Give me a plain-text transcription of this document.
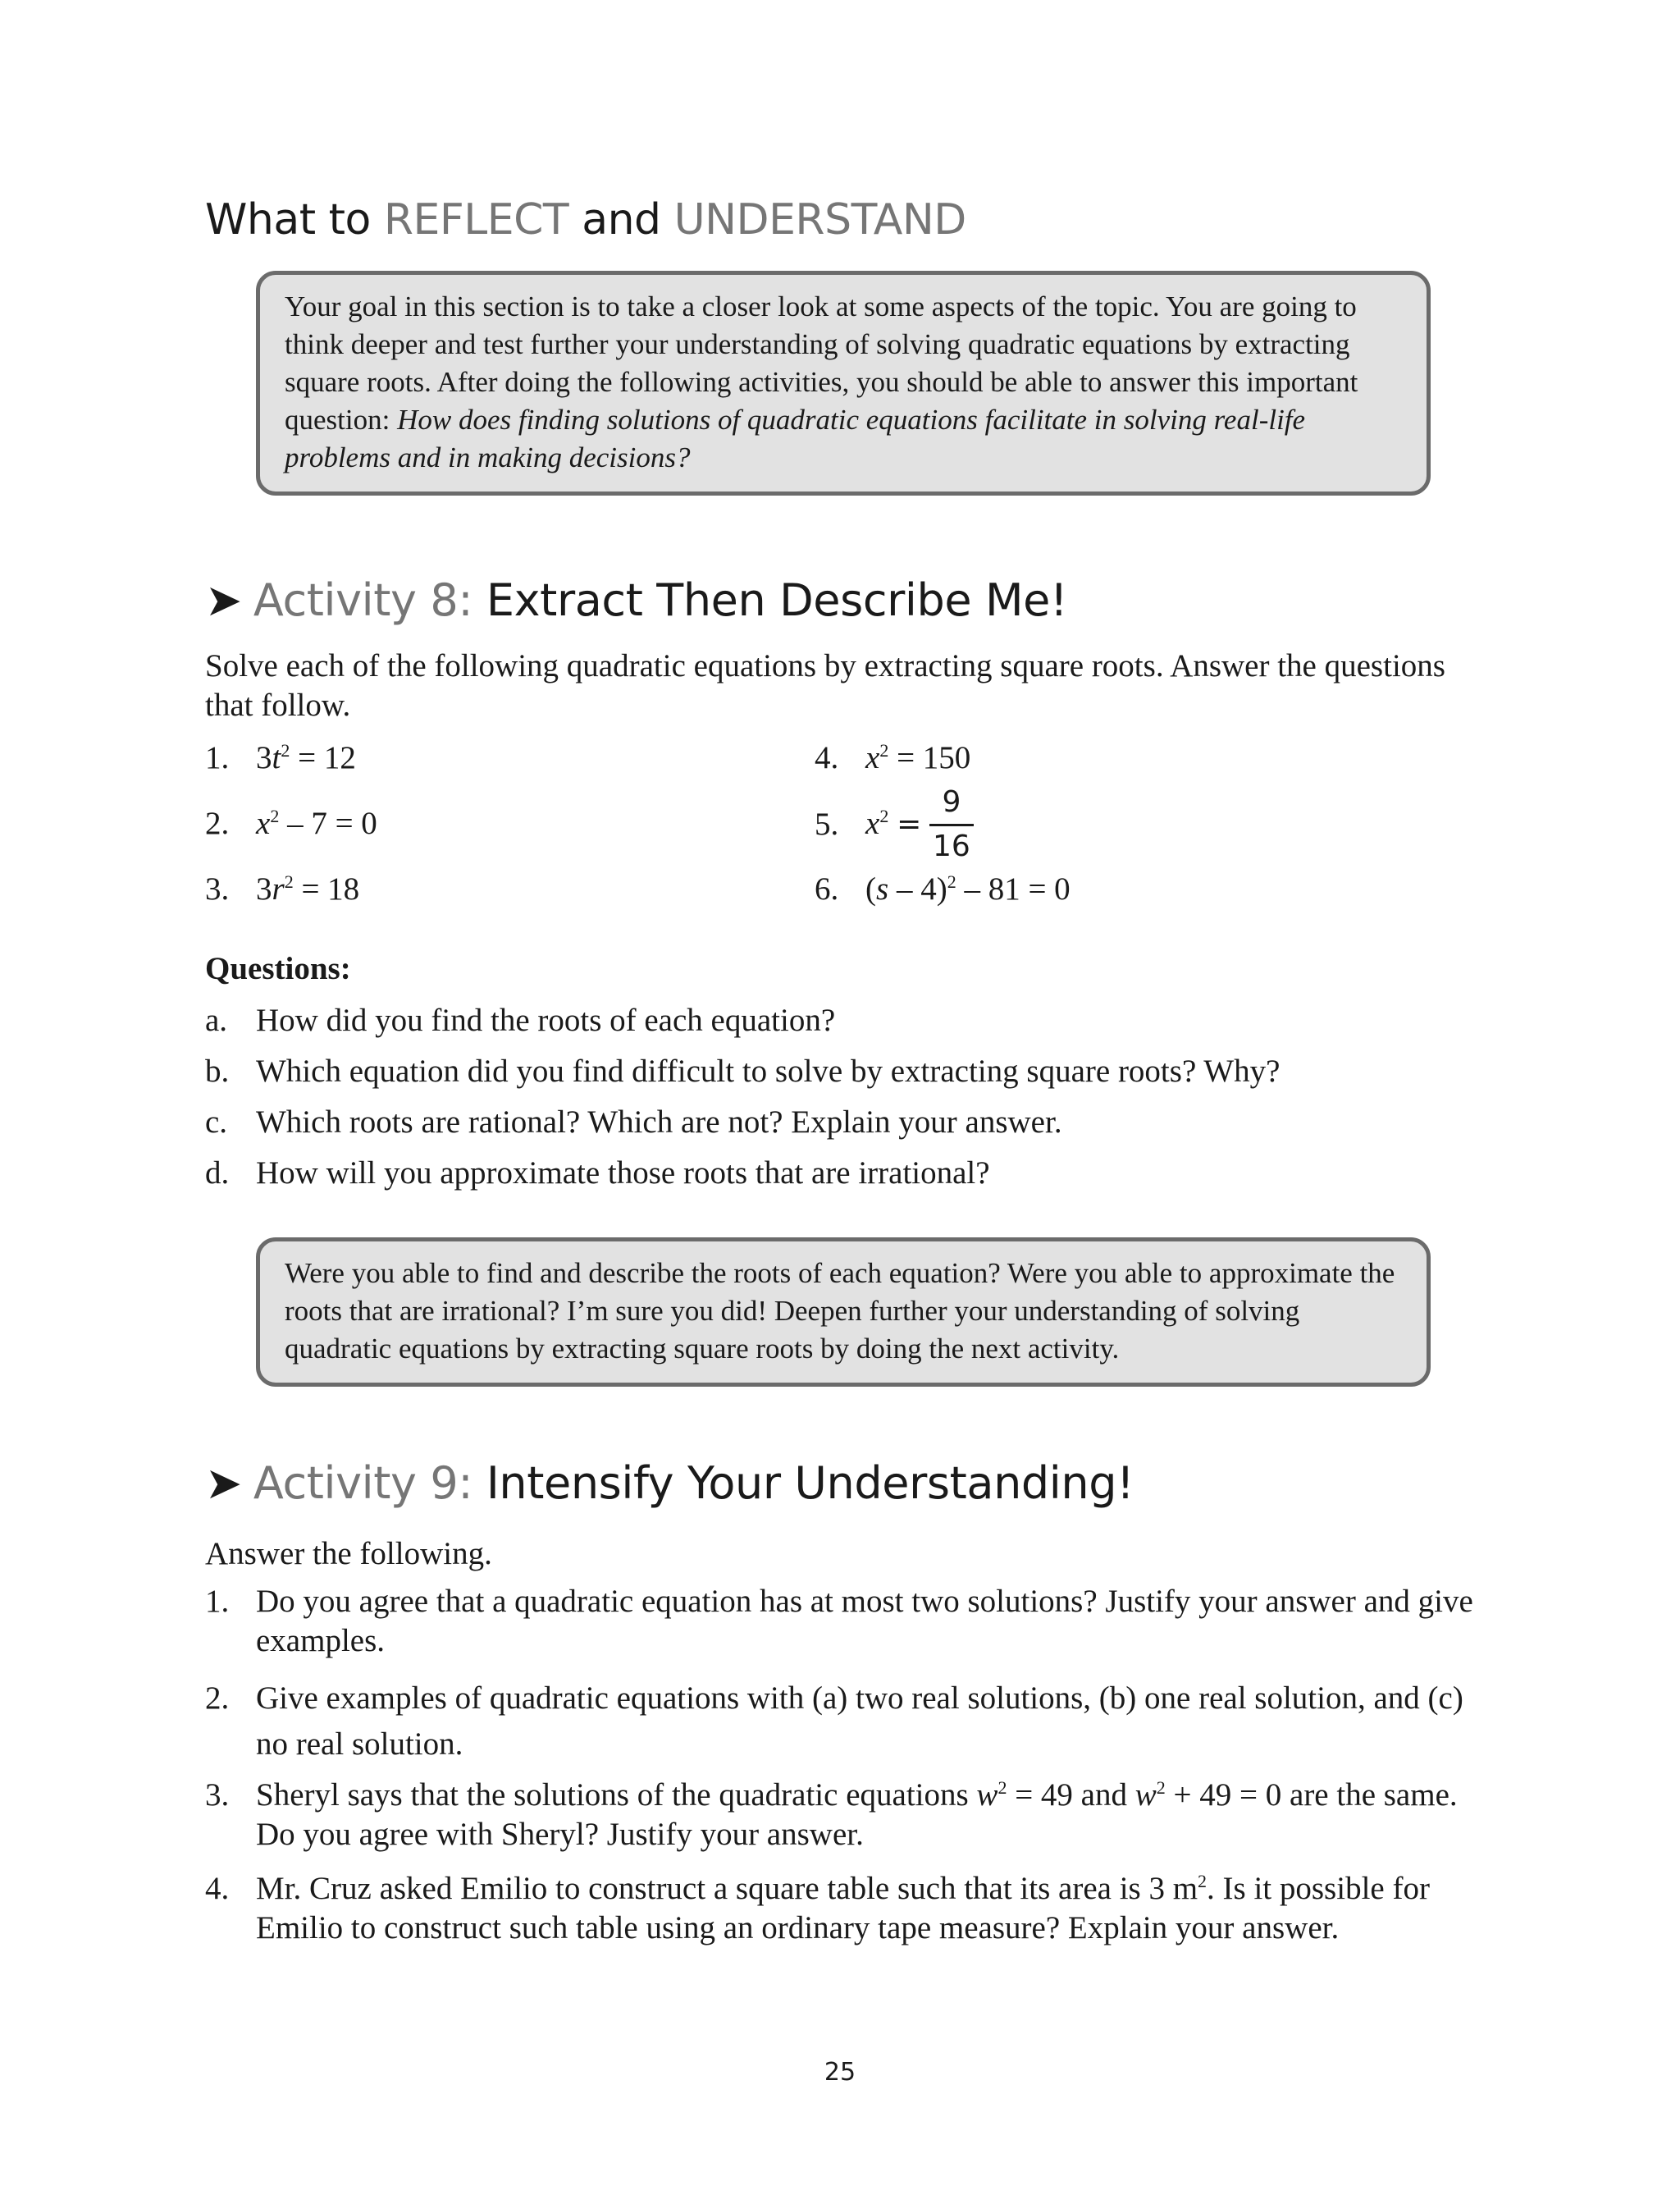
What to REFLECT and UNDERSTAND
Your goal in this section is to take a closer look at some aspects of the topic. You are going to think deeper and test further your understanding of solving quadratic equations by extracting square roots. After doing the following activities, you should be able to answer this important question: How does finding solutions of quadratic equations facilitate in solving real-life problems and in making decisions?
➤ Activity 8: Extract Then Describe Me!

Solve each of the following quadratic equations by extracting square roots. Answer the questions that follow.

1. $3t^2 = 12$
2. $x^2 - 7 = 0$
3. $3r^2 = 18$
4. $x^2 = 150$
5. $x^2 = \frac{9}{16}$
6. (s – 4)$^2$ – 81 = 0

Questions:

a. How did you find the roots of each equation?
b. Which equation did you find difficult to solve by extracting square roots? Why?
c. Which roots are rational? Which are not? Explain your answer.
d. How will you approximate those roots that are irrational?
Were you able to find and describe the roots of each equation? Were you able to approximate the roots that are irrational? I’m sure you did! Deepen further your understanding of solving quadratic equations by extracting square roots by doing the next activity.
➤ Activity 9: Intensify Your Understanding!

Answer the following.

1. Do you agree that a quadratic equation has at most two solutions? Justify your answer and give examples.
2. Give examples of quadratic equations with (a) two real solutions, (b) one real solution, and (c) no real solution.
3. Sheryl says that the solutions of the quadratic equations $w^2 = 49$ and $w^2 + 49 = 0$ are the same. Do you agree with Sheryl? Justify your answer.
4. Mr. Cruz asked Emilio to construct a square table such that its area is 3 $m^2$. Is it possible for Emilio to construct such table using an ordinary tape measure? Explain your answer.
25
